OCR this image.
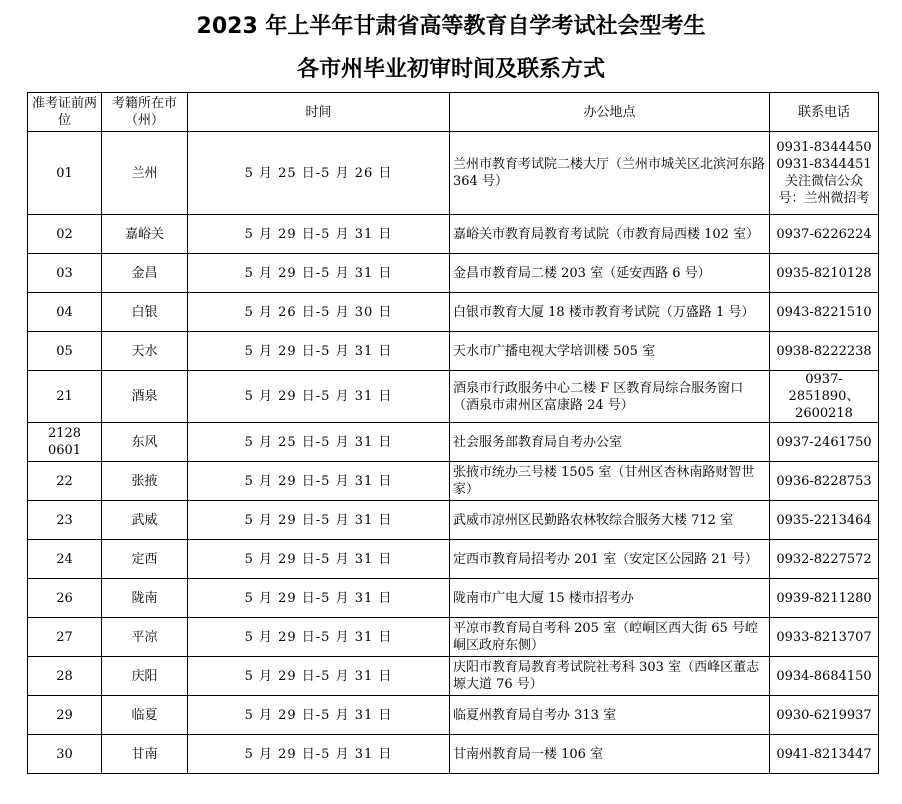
2023 年上半年甘肃省高等教育自学考试社会型考生
各市州毕业初审时间及联系方式
准考证前两位	考籍所在市（州）	时间	办公地点	联系电话
01	兰州	5 月 25 日-5 月 26 日	兰州市教育考试院二楼大厅（兰州市城关区北滨河东路 364 号）	0931-8344450 0931-8344451 关注微信公众号：兰州微招考
02	嘉峪关	5 月 29 日-5 月 31 日	嘉峪关市教育局教育考试院（市教育局西楼 102 室）	0937-6226224
03	金昌	5 月 29 日-5 月 31 日	金昌市教育局二楼 203 室（延安西路 6 号）	0935-8210128
04	白银	5 月 26 日-5 月 30 日	白银市教育大厦 18 楼市教育考试院（万盛路 1 号）	0943-8221510
05	天水	5 月 29 日-5 月 31 日	天水市广播电视大学培训楼 505 室	0938-8222238
21	酒泉	5 月 29 日-5 月 31 日	酒泉市行政服务中心二楼 F 区教育局综合服务窗口（酒泉市肃州区富康路 24 号）	0937-2851890、2600218
2128 0601	东风	5 月 25 日-5 月 31 日	社会服务部教育局自考办公室	0937-2461750
22	张掖	5 月 29 日-5 月 31 日	张掖市统办三号楼 1505 室（甘州区杏林南路财智世家）	0936-8228753
23	武威	5 月 29 日-5 月 31 日	武威市凉州区民勤路农林牧综合服务大楼 712 室	0935-2213464
24	定西	5 月 29 日-5 月 31 日	定西市教育局招考办 201 室（安定区公园路 21 号）	0932-8227572
26	陇南	5 月 29 日-5 月 31 日	陇南市广电大厦 15 楼市招考办	0939-8211280
27	平凉	5 月 29 日-5 月 31 日	平凉市教育局自考科 205 室（崆峒区西大街 65 号崆峒区政府东侧）	0933-8213707
28	庆阳	5 月 29 日-5 月 31 日	庆阳市教育局教育考试院社考科 303 室（西峰区董志塬大道 76 号）	0934-8684150
29	临夏	5 月 29 日-5 月 31 日	临夏州教育局自考办 313 室	0930-6219937
30	甘南	5 月 29 日-5 月 31 日	甘南州教育局一楼 106 室	0941-8213447
